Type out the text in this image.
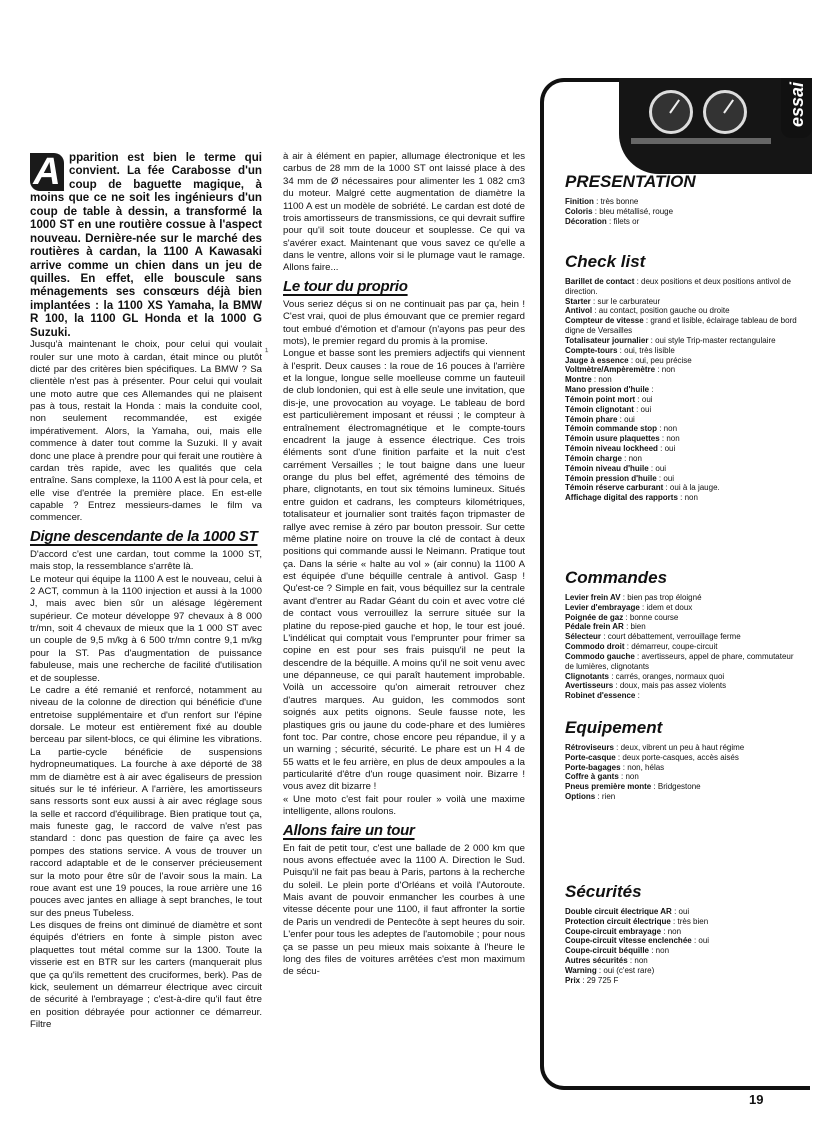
A pparition est bien le terme qui convient. La fée Carabosse d'un coup de baguette magique, à moins que ce ne soit les ingénieurs d'un coup de table à dessin, a transformé la 1000 ST en une routière cossue à l'aspect nouveau. Dernière-née sur le marché des routières à cardan, la 1100 A Kawasaki arrive comme un chien dans un jeu de quilles. En effet, elle bouscule sans ménagements ses consœurs déjà bien implantées : la 1100 XS Yamaha, la BMW R 100, la 1100 GL Honda et la 1000 G Suzuki.

Jusqu'à maintenant le choix, pour celui qui voulait rouler sur une moto à cardan, était mince ou plutôt dicté par des critères bien spécifiques. La BMW ? Sa clientèle n'est pas à présenter. Pour celui qui voulait une moto autre que ces Allemandes qui ne plaisent pas à tous, restait la Honda : mais la conduite cool, non seulement recommandée, est exigée impérativement. Alors, la Yamaha, oui, mais elle commence à dater tout comme la Suzuki. Il y avait donc une place à prendre pour qui ferait une routière à cardan très rapide, avec les qualités que cela entraîne. Sans complexe, la 1100 A est là pour cela, et elle vise d'entrée la première place. En est-elle capable ? Entrez messieurs-dames le film va commencer.

Digne descendante de la 1000 ST

D'accord c'est une cardan, tout comme la 1000 ST, mais stop, la ressemblance s'arrête là.

Le moteur qui équipe la 1100 A est le nouveau, celui à 2 ACT, commun à la 1100 injection et aussi à la 1000 J, mais avec bien sûr un alésage légèrement supérieur. Ce moteur développe 97 chevaux à 8 000 tr/mn, soit 4 chevaux de mieux que la 1 000 ST avec un couple de 9,5 m/kg à 6 500 tr/mn contre 9,1 m/kg pour la ST. Pas d'augmentation de puissance fabuleuse, mais une recherche de facilité d'utilisation et de souplesse.

Le cadre a été remanié et renforcé, notamment au niveau de la colonne de direction qui bénéficie d'une entretoise supplémentaire et d'un renfort sur l'épine dorsale. Le moteur est entièrement fixé au double berceau par silent-blocs, ce qui élimine les vibrations. La partie-cycle bénéficie de suspensions hydropneumatiques. La fourche à axe déporté de 38 mm de diamètre est à air avec égaliseurs de pression situés sur le té inférieur. A l'arrière, les amortisseurs sans ressorts sont eux aussi à air avec réglage sous la selle et raccord d'équilibrage. Bien pratique tout ça, mais funeste gag, le raccord de valve n'est pas standard : donc pas question de faire ça avec les pompes des stations service. A vous de trouver un raccord adaptable et de le conserver précieusement sur la moto pour être sûr de l'avoir sous la main. La roue avant est une 19 pouces, la roue arrière une 16 pouces avec jantes en alliage à sept branches, le tout sur des pneus Tubeless.

Les disques de freins ont diminué de diamètre et sont équipés d'étriers en fonte à simple piston avec plaquettes tout métal comme sur la 1300. Toute la visserie est en BTR sur les carters (manquerait plus que ça qu'ils remettent des cruciformes, berk). Pas de kick, seulement un démarreur électrique avec circuit de sécurité à l'embrayage ; c'est-à-dire qu'il faut être en position débrayée pour actionner ce démarreur. Filtre

¹

à air à élément en papier, allumage électronique et les carbus de 28 mm de la 1000 ST ont laissé place à des 34 mm de Ø nécessaires pour alimenter les 1 082 cm3 du moteur. Malgré cette augmentation de diamètre la 1100 A est un modèle de sobriété. Le cardan est doté de trois amortisseurs de transmissions, ce qui devrait suffire pour qu'il soit toute douceur et souplesse. Ce qui va s'avérer exact. Maintenant que vous savez ce qu'elle a dans le ventre, allons voir si le plumage vaut le ramage. Allons faire...

Le tour du proprio

Vous seriez déçus si on ne continuait pas par ça, hein ! C'est vrai, quoi de plus émouvant que ce premier regard tout embué d'émotion et d'amour (n'ayons pas peur des mots), le premier regard du promis à la promise.

Longue et basse sont les premiers adjectifs qui viennent à l'esprit. Deux causes : la roue de 16 pouces à l'arrière et la longue, longue selle moelleuse comme un fauteuil de club londonien, qui est à elle seule une invitation, que dis-je, une provocation au voyage. Le tableau de bord est particulièrement imposant et réussi ; le compteur à entraînement électromagnétique et le compte-tours encadrent la jauge à essence électrique. Ces trois éléments sont d'une finition parfaite et la nuit c'est carrément Versailles ; le tout baigne dans une lueur orange du plus bel effet, agrémenté des témoins de phare, clignotants, en tout six témoins lumineux. Situés entre guidon et cadrans, les compteurs kilométriques, totalisateur et journalier sont traités façon tripmaster de rallye avec remise à zéro par bouton pressoir. Sur cette même platine noire on trouve la clé de contact à deux positions qui commande aussi le Neimann. Pratique tout ça. Dans la série « halte au vol » (air connu) la 1100 A est équipée d'une béquille centrale à antivol. Gasp ! Qu'est-ce ? Simple en fait, vous béquillez sur la centrale avant d'entrer au Radar Géant du coin et avec votre clé de contact vous verrouillez la serrure située sur la platine du repose-pied gauche et hop, le tour est joué. L'indélicat qui comptait vous l'emprunter pour frimer sa copine en est pour ses frais puisqu'il ne peut la descendre de la béquille. A moins qu'il ne soit venu avec une dépanneuse, ce qui paraît hautement improbable. Voilà un accessoire qu'on aimerait retrouver chez d'autres marques. Au guidon, les commodos sont soignés aux petits oignons. Seule fausse note, les plastiques gris ou jaune du code-phare et des lumières font toc. Par contre, chose encore peu répandue, il y a un warning ; sécurité, sécurité. Le phare est un H 4 de 55 watts et le feu arrière, en plus de deux ampoules a la particularité d'être d'un rouge quasiment noir. Bizarre ! vous avez dit bizarre !

« Une moto c'est fait pour rouler » voilà une maxime intelligente, allons roulons.

Allons faire un tour

En fait de petit tour, c'est une ballade de 2 000 km que nous avons effectuée avec la 1100 A. Direction le Sud. Puisqu'il ne fait pas beau à Paris, partons à la recherche du soleil. Le plein porte d'Orléans et voilà l'Autoroute. Mais avant de pouvoir enmancher les courbes à une vitesse décente pour une 1100, il faut affronter la sortie de Paris un vendredi de Pentecôte à sept heures du soir. L'enfer pour tous les adeptes de l'automobile ; pour nous ça se passe un peu mieux mais soixante à l'heure le long des files de voitures arrêtées c'est mon maximum de sécu-

essai
PRESENTATION

Finition : très bonne

Coloris : bleu métallisé, rouge

Décoration : filets or

Check list

Barillet de contact : deux positions et deux positions antivol de direction.

Starter : sur le carburateur

Antivol : au contact, position gauche ou droite

Compteur de vitesse : grand et lisible, éclairage tableau de bord digne de Versailles

Totalisateur journalier : oui style Trip-master rectangulaire

Compte-tours : oui, très lisible

Jauge à essence : oui, peu précise

Voltmètre/Ampèremètre : non

Montre : non

Mano pression d'huile :

Témoin point mort : oui

Témoin clignotant : oui

Témoin phare : oui

Témoin commande stop : non

Témoin usure plaquettes : non

Témoin niveau lockheed : oui

Témoin charge : non

Témoin niveau d'huile : oui

Témoin pression d'huile : oui

Témoin réserve carburant : oui à la jauge.

Affichage digital des rapports : non

Commandes

Levier frein AV : bien pas trop éloigné

Levier d'embrayage : idem et doux

Poignée de gaz : bonne course

Pédale frein AR : bien

Sélecteur : court débattement, verrouillage ferme

Commodo droit : démarreur, coupe-circuit

Commodo gauche : avertisseurs, appel de phare, commutateur de lumières, clignotants

Clignotants : carrés, oranges, normaux quoi

Avertisseurs : doux, mais pas assez violents

Robinet d'essence :

Equipement

Rétroviseurs : deux, vibrent un peu à haut régime

Porte-casque : deux porte-casques, accès aisés

Porte-bagages : non, hélas

Coffre à gants : non

Pneus première monte : Bridgestone

Options : rien

Sécurités

Double circuit électrique AR : oui

Protection circuit électrique : très bien

Coupe-circuit embrayage : non

Coupe-circuit vitesse enclenchée : oui

Coupe-circuit béquille : non

Autres sécurités : non

Warning : oui (c'est rare)

Prix : 29 725 F

19
